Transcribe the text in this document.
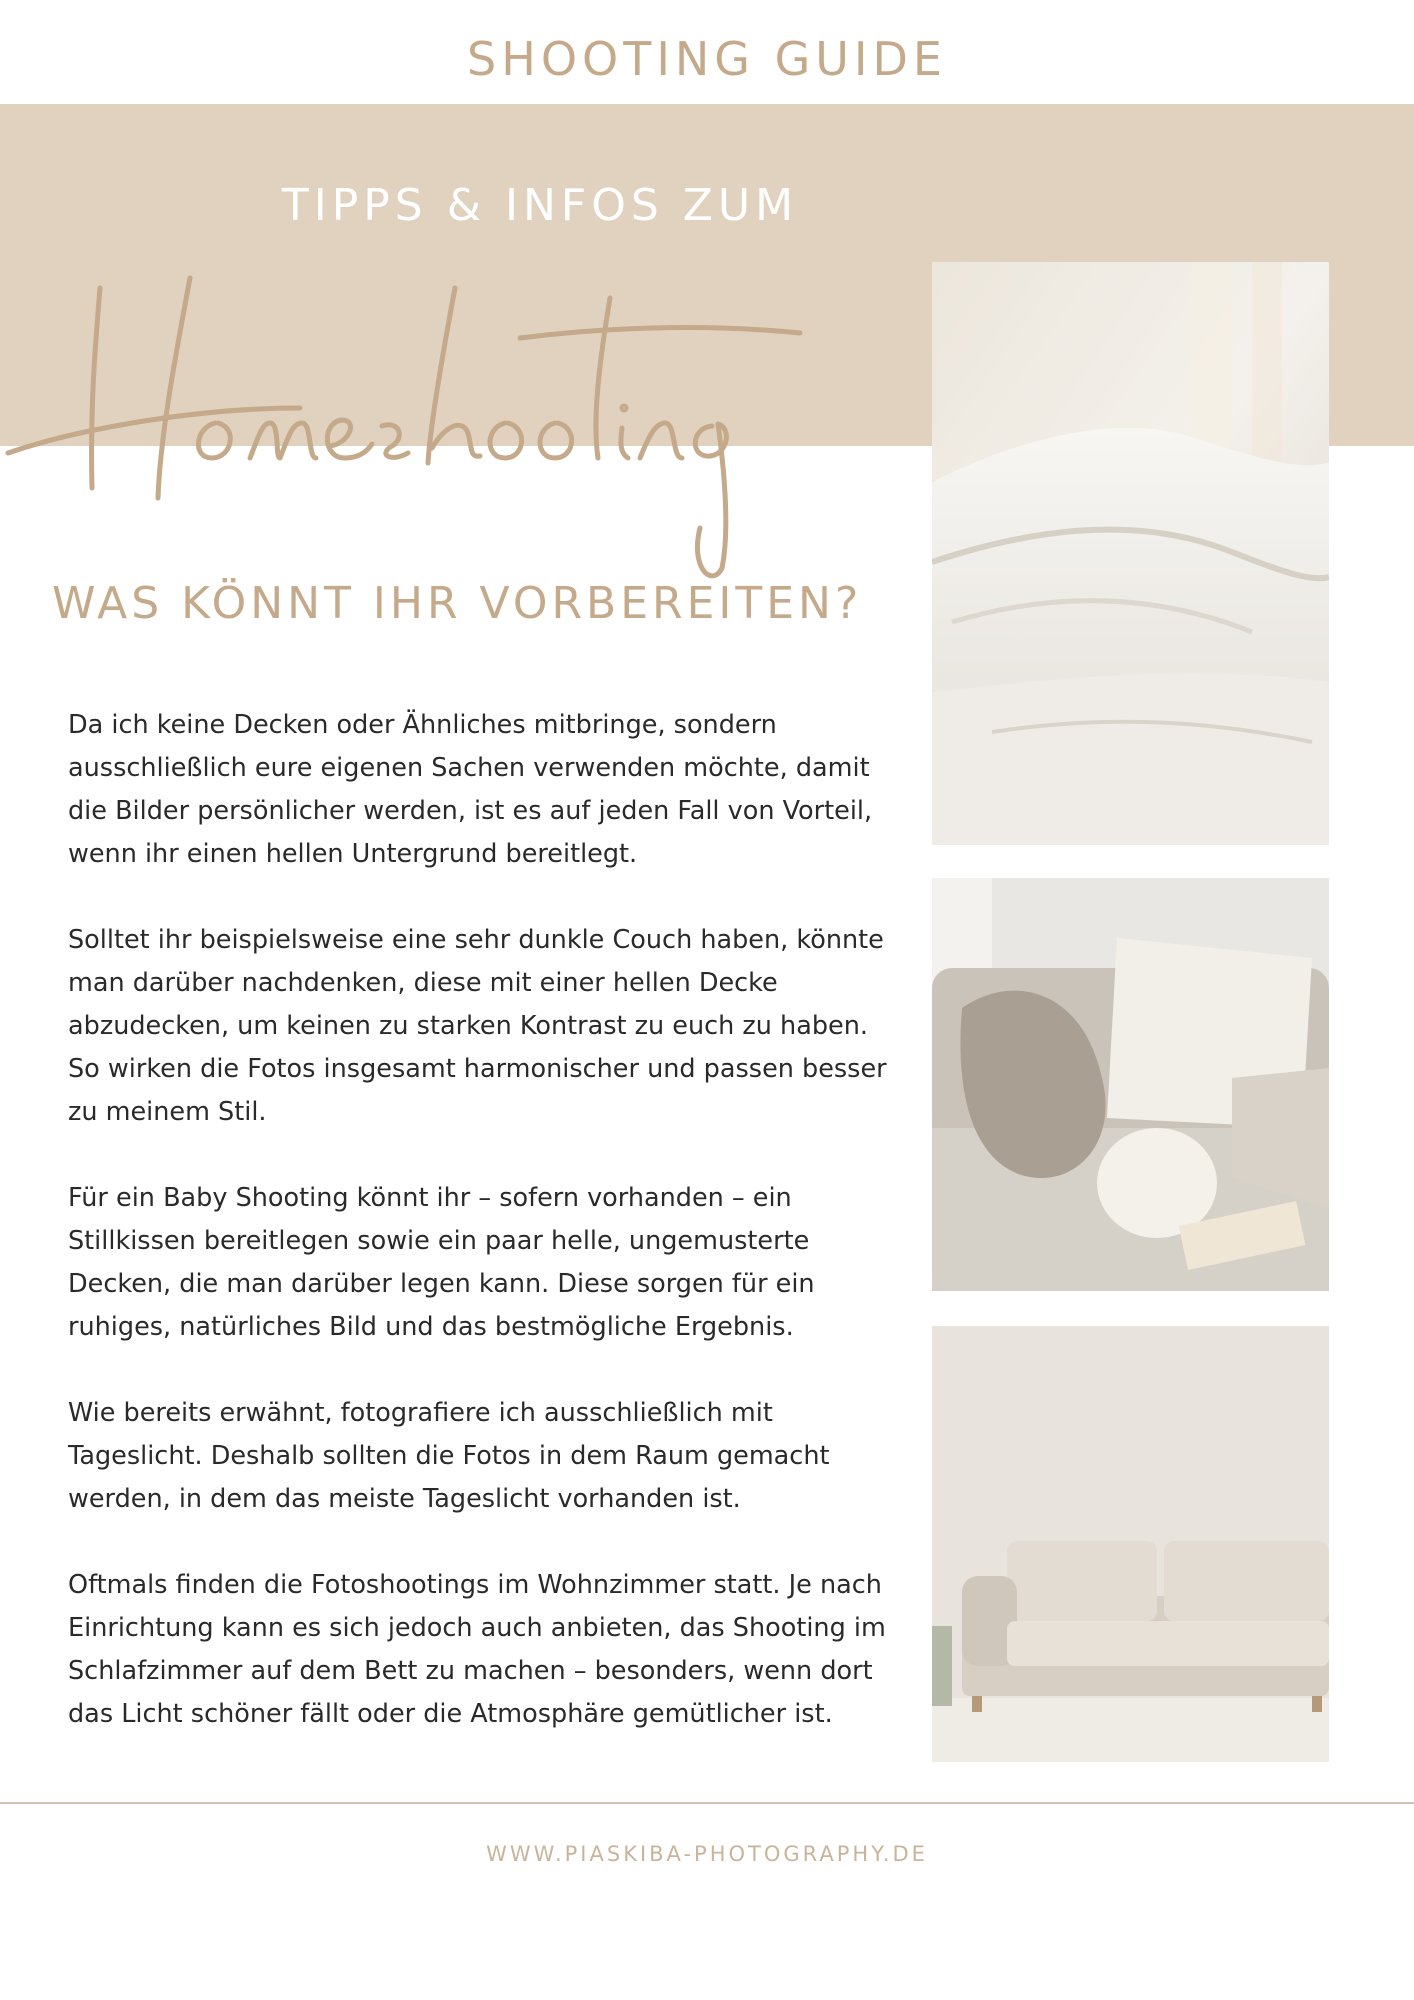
SHOOTING GUIDE
TIPPS & INFOS ZUM
WAS KÖNNT IHR VORBEREITEN?

Da ich keine Decken oder Ähnliches mitbringe, sondern ausschließlich eure eigenen Sachen verwenden möchte, damit die Bilder persönlicher werden, ist es auf jeden Fall von Vorteil, wenn ihr einen hellen Untergrund bereitlegt.

Solltet ihr beispielsweise eine sehr dunkle Couch haben, könnte man darüber nachdenken, diese mit einer hellen Decke abzudecken, um keinen zu starken Kontrast zu euch zu haben. So wirken die Fotos insgesamt harmonischer und passen besser zu meinem Stil.

Für ein Baby Shooting könnt ihr – sofern vorhanden – ein Stillkissen bereitlegen sowie ein paar helle, ungemusterte Decken, die man darüber legen kann. Diese sorgen für ein ruhiges, natürliches Bild und das bestmögliche Ergebnis.

Wie bereits erwähnt, fotografiere ich ausschließlich mit Tageslicht. Deshalb sollten die Fotos in dem Raum gemacht werden, in dem das meiste Tageslicht vorhanden ist.

Oftmals finden die Fotoshootings im Wohnzimmer statt. Je nach Einrichtung kann es sich jedoch auch anbieten, das Shooting im Schlafzimmer auf dem Bett zu machen – besonders, wenn dort das Licht schöner fällt oder die Atmosphäre gemütlicher ist.

WWW.PIASKIBA-PHOTOGRAPHY.DE
